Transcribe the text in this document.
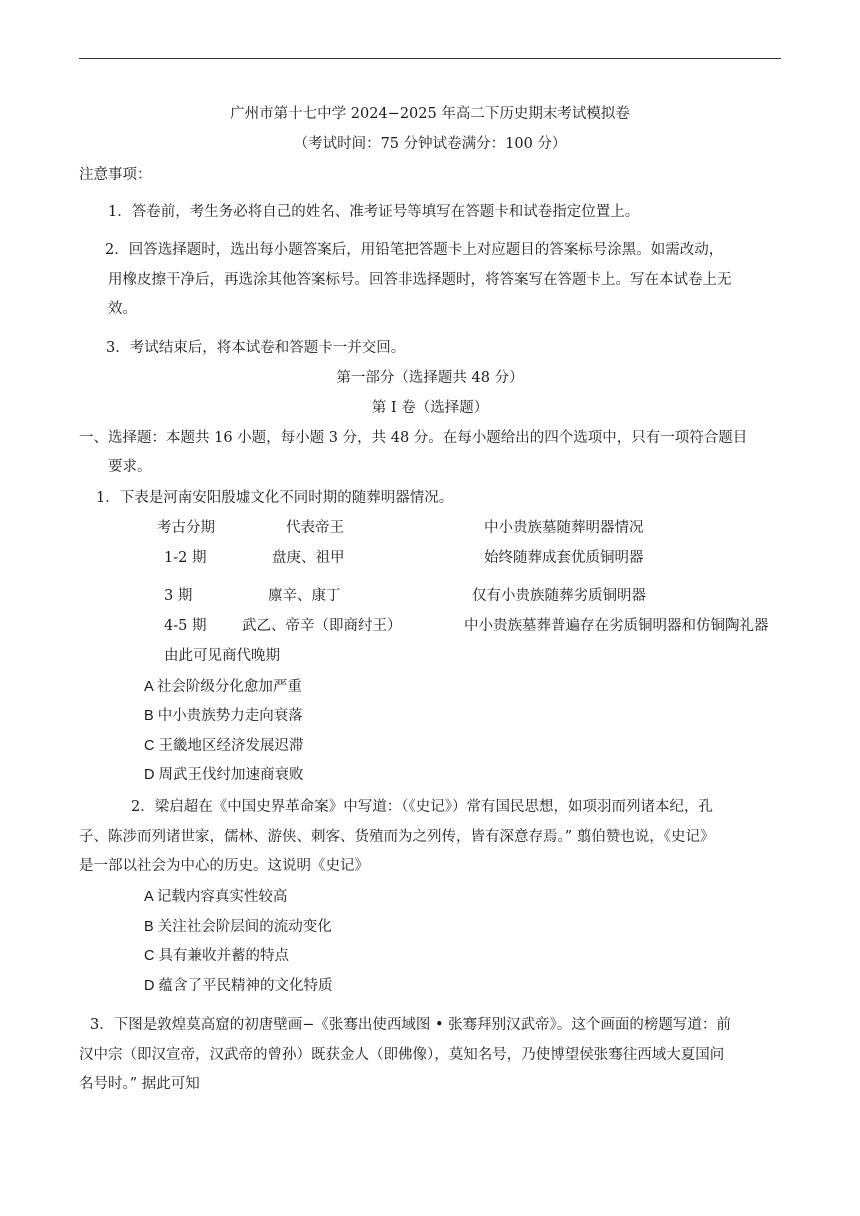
广州市第十七中学 2024−2025 年高二下历史期末考试模拟卷
（考试时间：75 分钟试卷满分：100 分）
注意事项：
1．答卷前，考生务必将自己的姓名、准考证号等填写在答题卡和试卷指定位置上。
2．回答选择题时，选出每小题答案后，用铅笔把答题卡上对应题目的答案标号涂黑。如需改动，
用橡皮擦干净后，再选涂其他答案标号。回答非选择题时，将答案写在答题卡上。写在本试卷上无
效。
3．考试结束后，将本试卷和答题卡一并交回。
第一部分（选择题共 48 分）
第 I 卷（选择题）
一、选择题：本题共 16 小题，每小题 3 分，共 48 分。在每小题给出的四个选项中，只有一项符合题目
要求。
1．下表是河南安阳殷墟文化不同时期的随葬明器情况。
考古分期	代表帝王	中小贵族墓随葬明器情况
1-2 期	盘庚、祖甲	始终随葬成套优质铜明器
3 期	廪辛、康丁	仅有小贵族随葬劣质铜明器
4-5 期 武乙、帝辛（即商纣王）	中小贵族墓葬普遍存在劣质铜明器和仿铜陶礼器
由此可见商代晚期
A 社会阶级分化愈加严重
B 中小贵族势力走向衰落
C 王畿地区经济发展迟滞
D 周武王伐纣加速商衰败
2．梁启超在《中国史界革命案》中写道：（《史记》）常有国民思想，如项羽而列诸本纪，孔
子、陈涉而列诸世家，儒林、游侠、刺客、货殖而为之列传，皆有深意存焉。” 翦伯赞也说，《史记》
是一部以社会为中心的历史。这说明《史记》
A 记载内容真实性较高
B 关注社会阶层间的流动变化
C 具有兼收并蓄的特点
D 蕴含了平民精神的文化特质
3．下图是敦煌莫高窟的初唐壁画−《张骞出使西域图 • 张骞拜别汉武帝》。这个画面的榜题写道：前
汉中宗（即汉宣帝，汉武帝的曾孙）既获金人（即佛像），莫知名号，乃使博望侯张骞往西域大夏国问
名号时。” 据此可知
